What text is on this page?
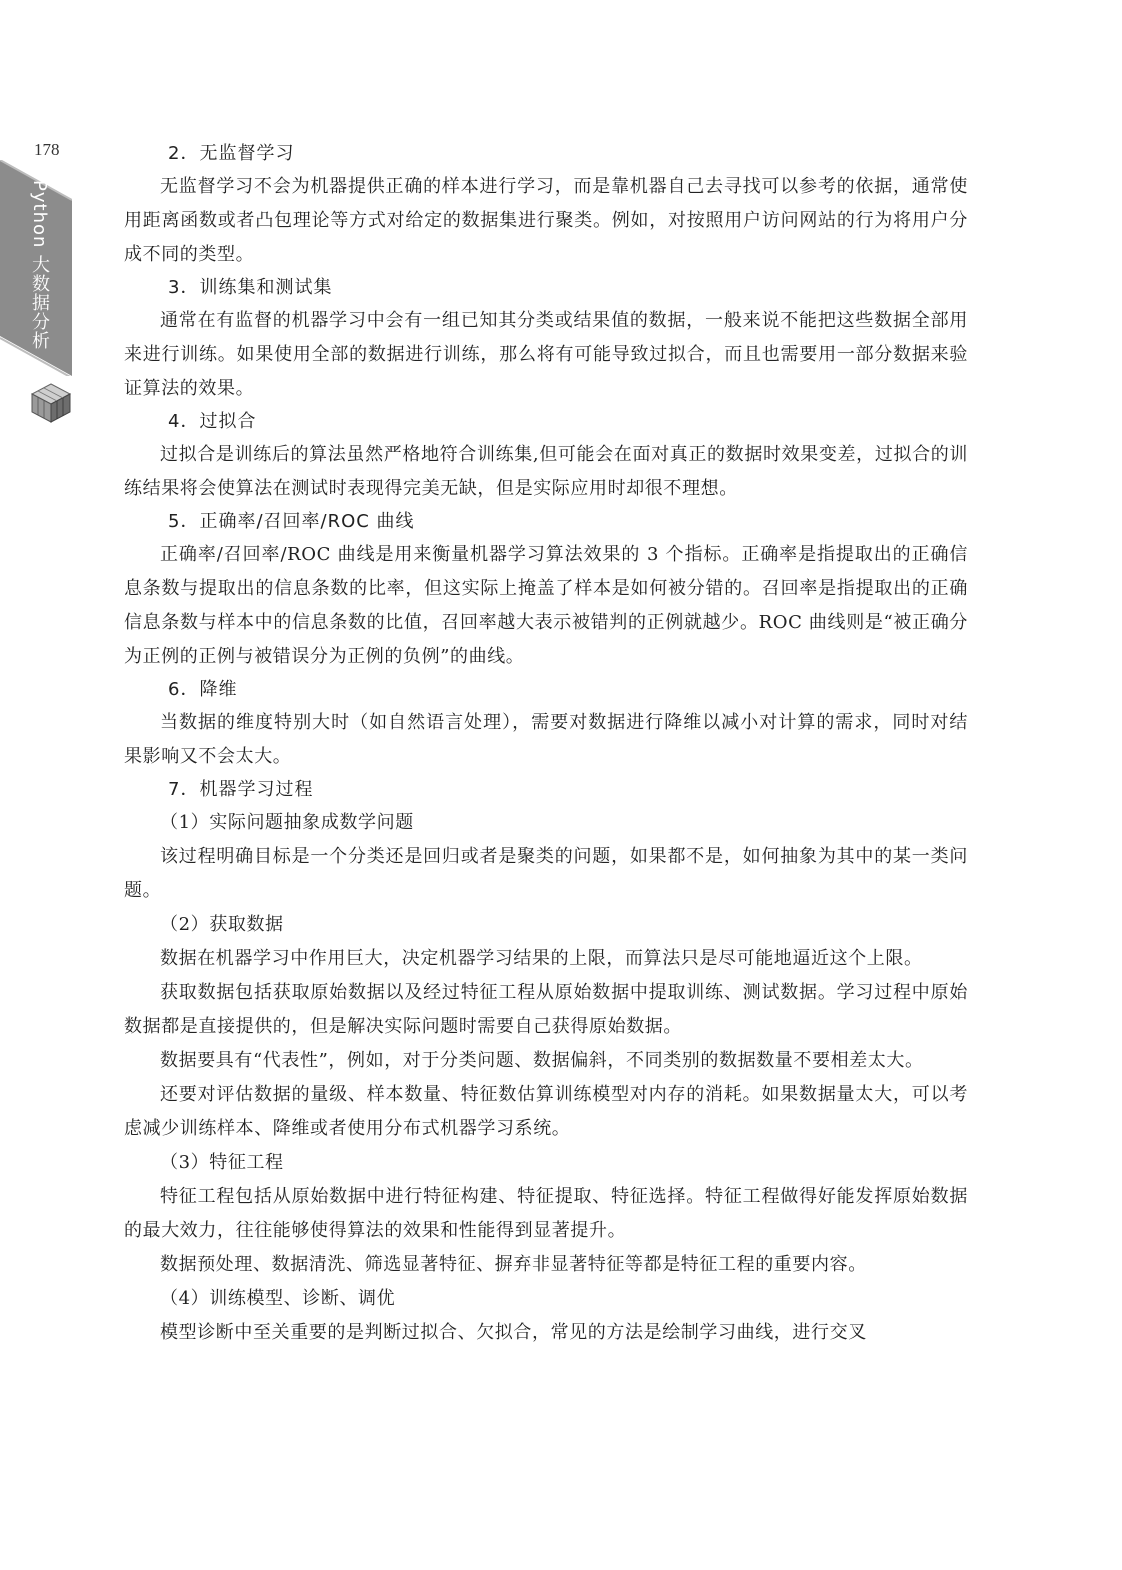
178
Python 大数据分析
2．无监督学习

无监督学习不会为机器提供正确的样本进行学习，而是靠机器自己去寻找可以参考的依据，通常使用距离函数或者凸包理论等方式对给定的数据集进行聚类。例如，对按照用户访问网站的行为将用户分成不同的类型。

3．训练集和测试集

通常在有监督的机器学习中会有一组已知其分类或结果值的数据，一般来说不能把这些数据全部用来进行训练。如果使用全部的数据进行训练，那么将有可能导致过拟合，而且也需要用一部分数据来验证算法的效果。

4．过拟合

过拟合是训练后的算法虽然严格地符合训练集,但可能会在面对真正的数据时效果变差，过拟合的训练结果将会使算法在测试时表现得完美无缺，但是实际应用时却很不理想。

5．正确率/召回率/ROC 曲线

正确率/召回率/ROC 曲线是用来衡量机器学习算法效果的 3 个指标。正确率是指提取出的正确信息条数与提取出的信息条数的比率，但这实际上掩盖了样本是如何被分错的。召回率是指提取出的正确信息条数与样本中的信息条数的比值，召回率越大表示被错判的正例就越少。ROC 曲线则是“被正确分为正例的正例与被错误分为正例的负例”的曲线。

6．降维

当数据的维度特别大时（如自然语言处理），需要对数据进行降维以减小对计算的需求，同时对结果影响又不会太大。

7．机器学习过程
（1）实际问题抽象成数学问题

该过程明确目标是一个分类还是回归或者是聚类的问题，如果都不是，如何抽象为其中的某一类问题。

（2）获取数据

数据在机器学习中作用巨大，决定机器学习结果的上限，而算法只是尽可能地逼近这个上限。

获取数据包括获取原始数据以及经过特征工程从原始数据中提取训练、测试数据。学习过程中原始数据都是直接提供的，但是解决实际问题时需要自己获得原始数据。

数据要具有“代表性”，例如，对于分类问题、数据偏斜，不同类别的数据数量不要相差太大。

还要对评估数据的量级、样本数量、特征数估算训练模型对内存的消耗。如果数据量太大，可以考虑减少训练样本、降维或者使用分布式机器学习系统。

（3）特征工程

特征工程包括从原始数据中进行特征构建、特征提取、特征选择。特征工程做得好能发挥原始数据的最大效力，往往能够使得算法的效果和性能得到显著提升。

数据预处理、数据清洗、筛选显著特征、摒弃非显著特征等都是特征工程的重要内容。

（4）训练模型、诊断、调优

模型诊断中至关重要的是判断过拟合、欠拟合，常见的方法是绘制学习曲线，进行交叉
